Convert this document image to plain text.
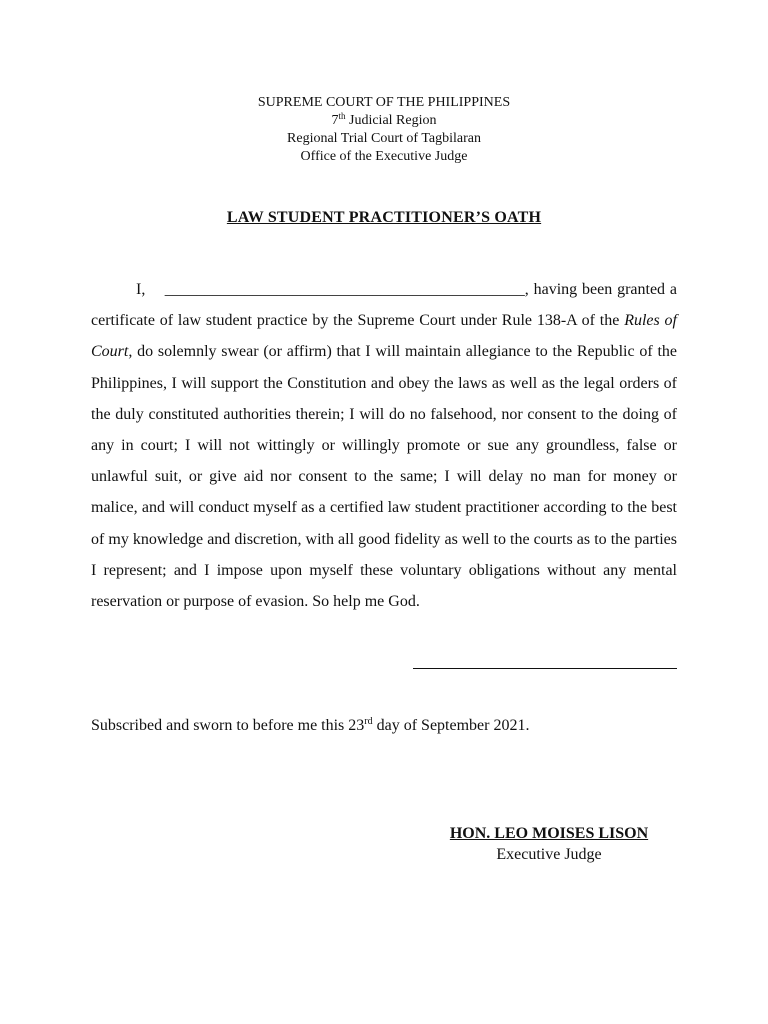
SUPREME COURT OF THE PHILIPPINES
7th Judicial Region
Regional Trial Court of Tagbilaran
Office of the Executive Judge
LAW STUDENT PRACTITIONER’S OATH

I, _____________________________________________, having been granted a certificate of law student practice by the Supreme Court under Rule 138-A of the Rules of Court, do solemnly swear (or affirm) that I will maintain allegiance to the Republic of the Philippines, I will support the Constitution and obey the laws as well as the legal orders of the duly constituted authorities therein; I will do no falsehood, nor consent to the doing of any in court; I will not wittingly or willingly promote or sue any groundless, false or unlawful suit, or give aid nor consent to the same; I will delay no man for money or malice, and will conduct myself as a certified law student practitioner according to the best of my knowledge and discretion, with all good fidelity as well to the courts as to the parties I represent; and I impose upon myself these voluntary obligations without any mental reservation or purpose of evasion. So help me God.

Subscribed and sworn to before me this 23rd day of September 2021.
HON. LEO MOISES LISON
Executive Judge
